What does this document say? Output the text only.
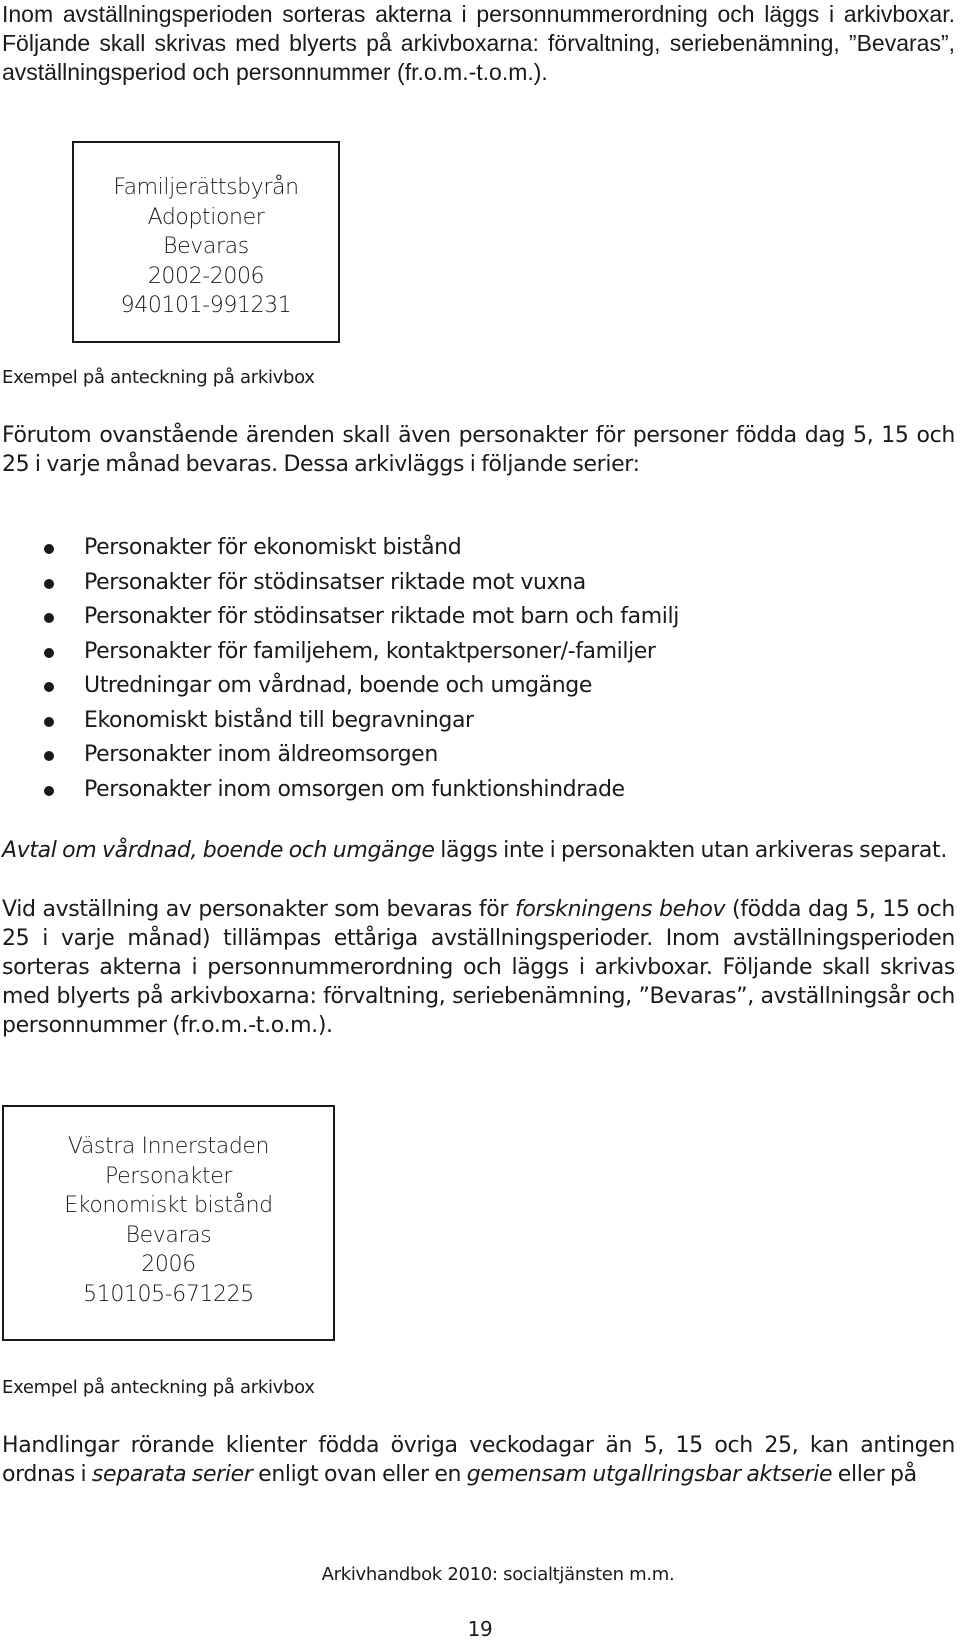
Inom avställningsperioden sorteras akterna i personnummerordning och läggs i arkivboxar. Följande skall skrivas med blyerts på arkivboxarna: förvaltning, seriebenämning, ”Bevaras”, avställningsperiod och personnummer (fr.o.m.-t.o.m.).

Familjerättsbyrån
Adoptioner
Bevaras
2002-2006
940101-991231

Exempel på anteckning på arkivbox

Förutom ovanstående ärenden skall även personakter för personer födda dag 5, 15 och 25 i varje månad bevaras. Dessa arkivläggs i följande serier:

Personakter för ekonomiskt bistånd
Personakter för stödinsatser riktade mot vuxna
Personakter för stödinsatser riktade mot barn och familj
Personakter för familjehem, kontaktpersoner/-familjer
Utredningar om vårdnad, boende och umgänge
Ekonomiskt bistånd till begravningar
Personakter inom äldreomsorgen
Personakter inom omsorgen om funktionshindrade

Avtal om vårdnad, boende och umgänge läggs inte i personakten utan arkiveras separat.

Vid avställning av personakter som bevaras för forskningens behov (födda dag 5, 15 och 25 i varje månad) tillämpas ettåriga avställningsperioder. Inom avställningsperioden sorteras akterna i personnummerordning och läggs i arkivboxar. Följande skall skrivas med blyerts på arkivboxarna: förvaltning, seriebenämning, ”Bevaras”, avställningsår och personnummer (fr.o.m.-t.o.m.).

Västra Innerstaden
Personakter
Ekonomiskt bistånd
Bevaras
2006
510105-671225

Exempel på anteckning på arkivbox

Handlingar rörande klienter födda övriga veckodagar än 5, 15 och 25, kan antingen ordnas i separata serier enligt ovan eller en gemensam utgallringsbar aktserie eller på

Arkivhandbok 2010: socialtjänsten m.m.

19
